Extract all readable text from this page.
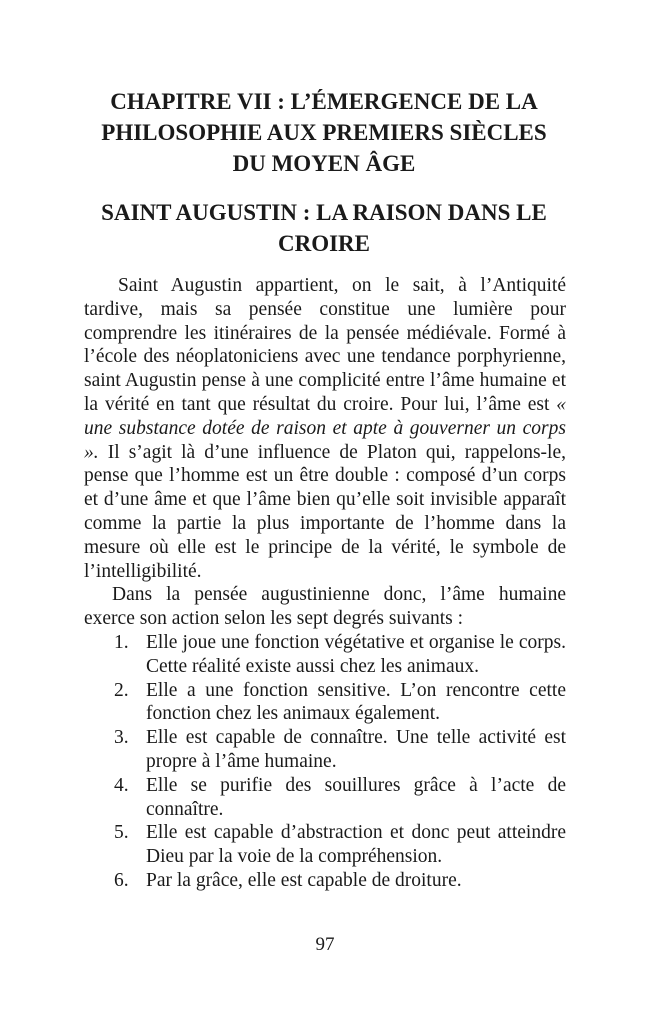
CHAPITRE VII : L’ÉMERGENCE DE LA
PHILOSOPHIE AUX PREMIERS SIÈCLES
DU MOYEN ÂGE
SAINT AUGUSTIN : LA RAISON DANS LE
CROIRE

Saint Augustin appartient, on le sait, à l’Antiquité tardive, mais sa pensée constitue une lumière pour comprendre les itinéraires de la pensée médiévale. Formé à l’école des néoplatoniciens avec une tendance porphyrienne, saint Augustin pense à une complicité entre l’âme humaine et la vérité en tant que résultat du croire. Pour lui, l’âme est « une substance dotée de raison et apte à gouverner un corps ». Il s’agit là d’une influence de Platon qui, rappelons-le, pense que l’homme est un être double : composé d’un corps et d’une âme et que l’âme bien qu’elle soit invisible apparaît comme la partie la plus importante de l’homme dans la mesure où elle est le principe de la vérité, le symbole de l’intelligibilité.

Dans la pensée augustinienne donc, l’âme humaine exerce son action selon les sept degrés suivants :

1. Elle joue une fonction végétative et organise le corps. Cette réalité existe aussi chez les animaux.
2. Elle a une fonction sensitive. L’on rencontre cette fonction chez les animaux également.
3. Elle est capable de connaître. Une telle activité est propre à l’âme humaine.
4. Elle se purifie des souillures grâce à l’acte de connaître.
5. Elle est capable d’abstraction et donc peut atteindre Dieu par la voie de la compréhension.
6. Par la grâce, elle est capable de droiture.
97
